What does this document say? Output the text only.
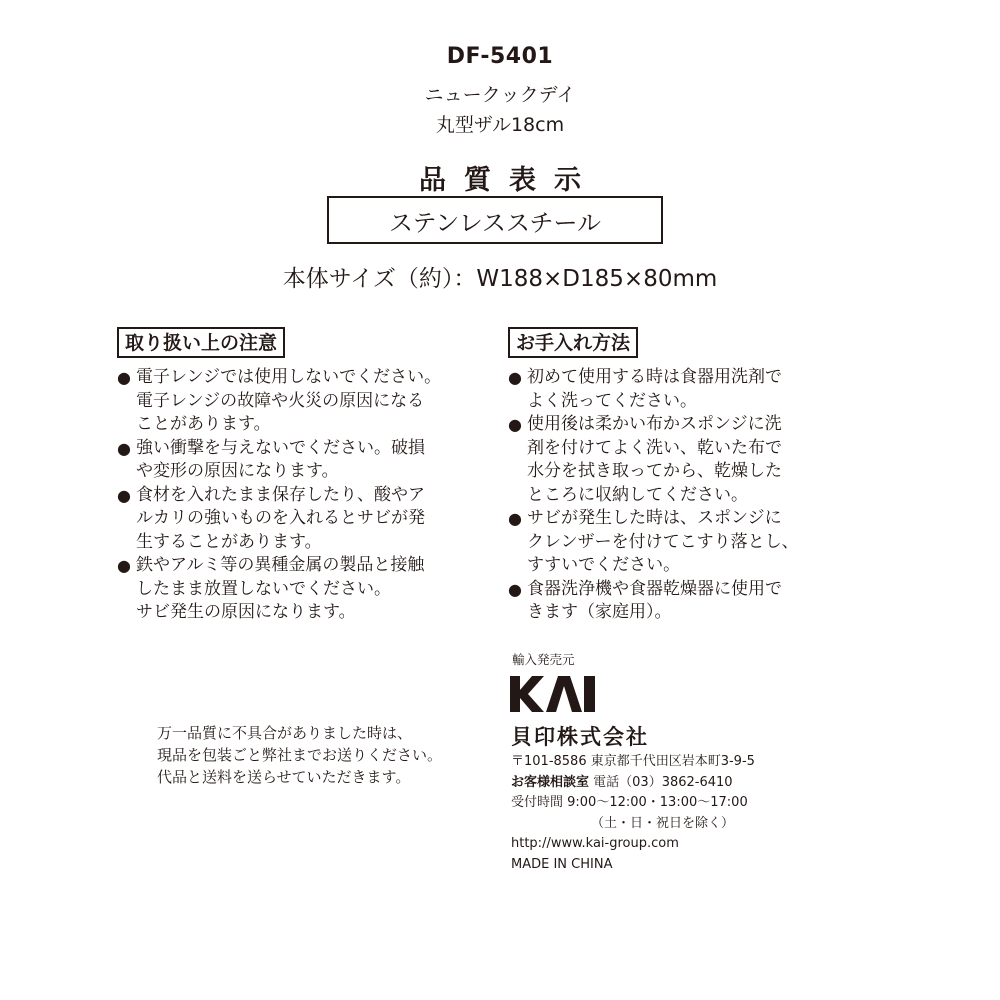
DF-5401
ニュークックデイ
丸型ザル18cm
品質表示
ステンレススチール
本体サイズ（約）：W188×D185×80mm
取り扱い上の注意
● 電子レンジでは使用しないでください。
電子レンジの故障や火災の原因になる
ことがあります。
● 強い衝撃を与えないでください。破損
や変形の原因になります。
● 食材を入れたまま保存したり、酸やア
ルカリの強いものを入れるとサビが発
生することがあります。
● 鉄やアルミ等の異種金属の製品と接触
したまま放置しないでください。
サビ発生の原因になります。
お手入れ方法
● 初めて使用する時は食器用洗剤で
よく洗ってください。
● 使用後は柔かい布かスポンジに洗
剤を付けてよく洗い、乾いた布で
水分を拭き取ってから、乾燥した
ところに収納してください。
● サビが発生した時は、スポンジに
クレンザーを付けてこすり落とし、
すすいでください。
● 食器洗浄機や食器乾燥器に使用で
きます（家庭用）。
輸入発売元
貝印株式会社
万一品質に不具合がありました時は、
現品を包装ごと弊社までお送りください。
代品と送料を送らせていただきます。
〒101-8586 東京都千代田区岩本町3-9-5
お客様相談室 電話（03）3862-6410
受付時間 9:00〜12:00・13:00〜17:00
（土・日・祝日を除く）
http://www.kai-group.com
MADE IN CHINA
